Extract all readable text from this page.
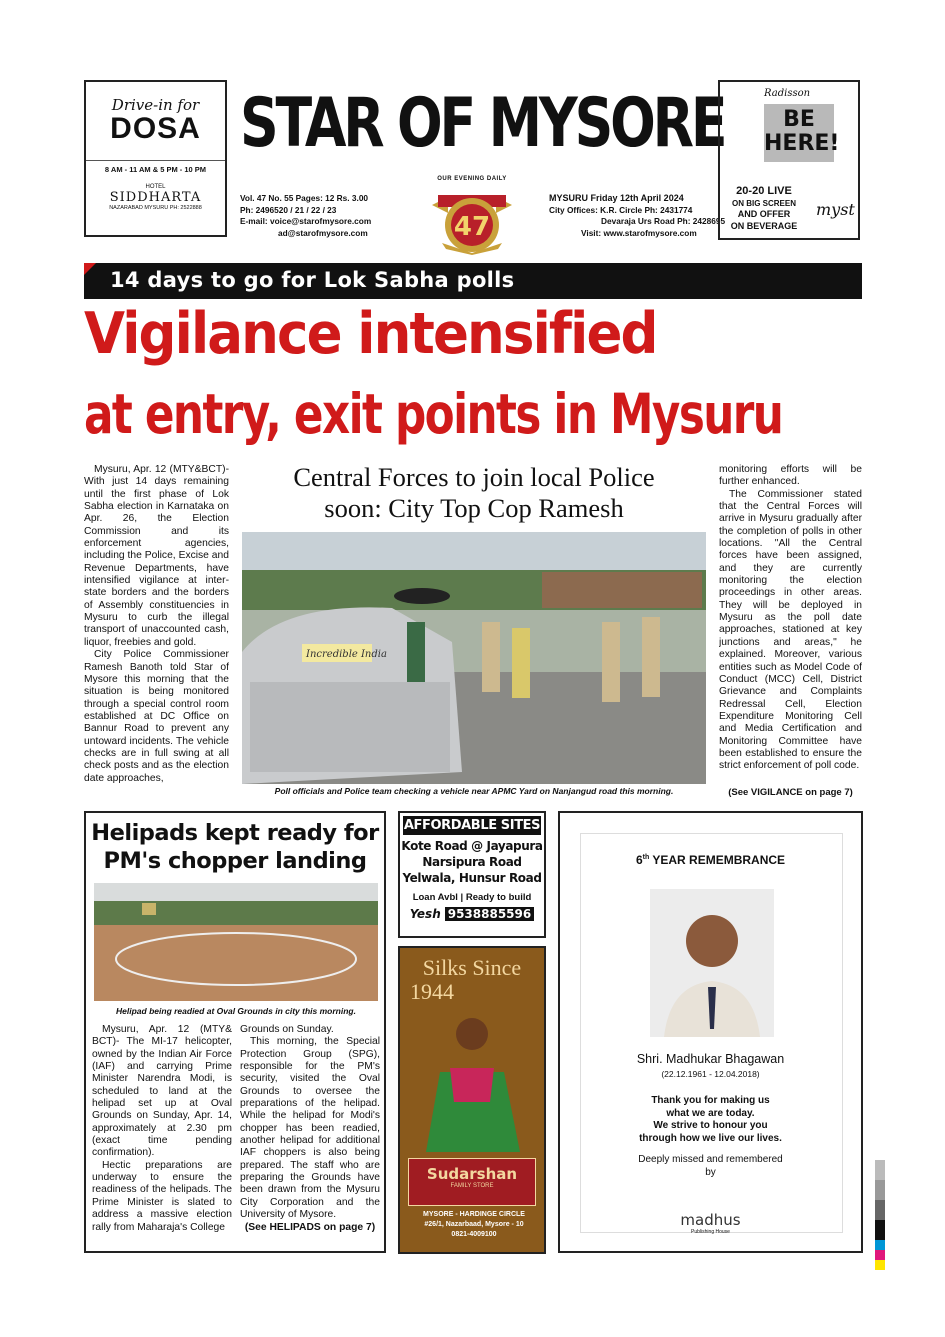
Drive-in for
DOSA
8 AM - 11 AM & 5 PM - 10 PM
HOTEL
SIDDHARTA
NAZARABAD MYSURU PH: 2522888
STAR OF MYSORE
OUR EVENING DAILY
47
Vol. 47 No. 55 Pages: 12 Rs. 3.00
Ph: 2496520 / 21 / 22 / 23
E-mail: voice@starofmysore.com
ad@starofmysore.com
MYSURU Friday 12th April 2024
City Offices: K.R. Circle Ph: 2431774
Devaraja Urs Road Ph: 2428695
Visit: www.starofmysore.com
Radisson
BE
HERE!
20-20 LIVE
ON BIG SCREEN
AND OFFER
ON BEVERAGE
myst
14 days to go for Lok Sabha polls
Vigilance intensified
at entry, exit points in Mysuru

Mysuru, Apr. 12 (MTY&BCT)- With just 14 days remaining until the first phase of Lok Sabha election in Karnataka on Apr. 26, the Election Commission and its enforcement agencies, including the Police, Excise and Revenue Departments, have intensified vigilance at inter-state borders and the borders of Assembly constituencies in Mysuru to curb the illegal transport of unaccounted cash, liquor, freebies and gold.

City Police Commissioner Ramesh Banoth told Star of Mysore this morning that the situation is being monitored through a special control room established at DC Office on Bannur Road to prevent any untoward incidents. The vehicle checks are in full swing at all check posts and as the election date approaches,

Central Forces to join local Police
soon: City Top Cop Ramesh
Incredible India
Poll officials and Police team checking a vehicle near APMC Yard on Nanjangud road this morning.

monitoring efforts will be further enhanced.

The Commissioner stated that the Central Forces will arrive in Mysuru gradually after the completion of polls in other locations. "All the Central forces have been assigned, and they are currently monitoring the election proceedings in other areas. They will be deployed in Mysuru as the poll date approaches, stationed at key junctions and areas," he explained. Moreover, various entities such as Model Code of Conduct (MCC) Cell, District Grievance and Complaints Redressal Cell, Election Expenditure Monitoring Cell and Media Certification and Monitoring Committee have been established to ensure the strict enforcement of poll code.

(See VIGILANCE on page 7)
Helipads kept ready for
PM's chopper landing
Helipad being readied at Oval Grounds in city this morning.

Mysuru, Apr. 12 (MTY& BCT)- The MI-17 helicopter, owned by the Indian Air Force (IAF) and carrying Prime Minister Narendra Modi, is scheduled to land at the helipad set up at Oval Grounds on Sunday, Apr. 14, approximately at 2.30 pm (exact time pending confirmation).

Hectic preparations are underway to ensure the readiness of the helipads. The Prime Minister is slated to address a massive election rally from Maharaja's College

Grounds on Sunday.

This morning, the Special Protection Group (SPG), responsible for the PM's security, visited the Oval Grounds to oversee the preparations of the helipad. While the helipad for Modi's chopper has been readied, another helipad for additional IAF choppers is also being prepared. The staff who are preparing the Grounds have been drawn from the Mysuru City Corporation and the University of Mysore.

(See HELIPADS on page 7)

AFFORDABLE SITES
Kote Road @ Jayapura
Narsipura Road
Yelwala, Hunsur Road
Loan Avbl | Ready to build
Yesh 9538885596
Silks Since
1944
Sudarshan
FAMILY STORE
MYSORE - HARDINGE CIRCLE
#26/1, Nazarbaad, Mysore - 10
0821-4009100
6th YEAR REMEMBRANCE
Shri. Madhukar Bhagawan
(22.12.1961 - 12.04.2018)
Thank you for making us
what we are today.
We strive to honour you
through how we live our lives.
Deeply missed and remembered
by
madhus
Publishing House
